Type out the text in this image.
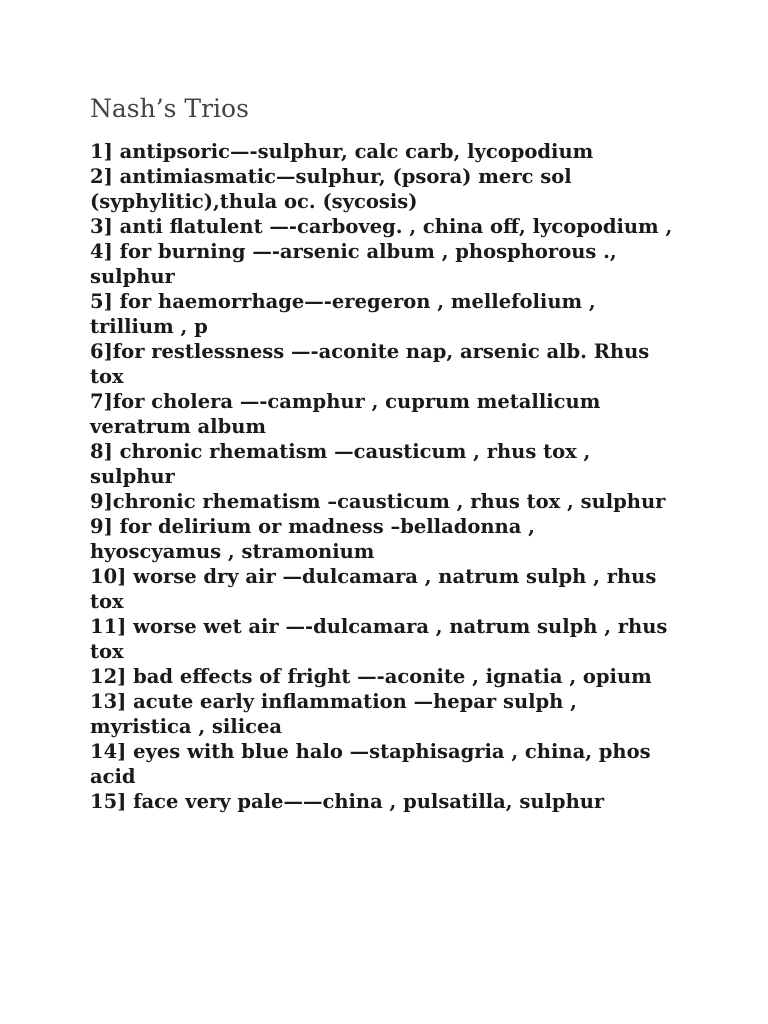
Nash’s Trios
1] antipsoric—-sulphur, calc carb, lycopodium
2] antimiasmatic—sulphur, (psora) merc sol
(syphylitic),thula oc. (sycosis)
3] anti flatulent —-carboveg. , china off, lycopodium ,
4] for burning —-arsenic album , phosphorous .,
sulphur
5] for haemorrhage—-eregeron , mellefolium ,
trillium , p
6]for restlessness —-aconite nap, arsenic alb. Rhus
tox
7]for cholera —-camphur , cuprum metallicum
veratrum album
8] chronic rhematism —causticum , rhus tox ,
sulphur
9]chronic rhematism –causticum , rhus tox , sulphur
9] for delirium or madness –belladonna ,
hyoscyamus , stramonium
10] worse dry air —dulcamara , natrum sulph , rhus
tox
11] worse wet air —-dulcamara , natrum sulph , rhus
tox
12] bad effects of fright —-aconite , ignatia , opium
13] acute early inflammation —hepar sulph ,
myristica , silicea
14] eyes with blue halo —staphisagria , china, phos
acid
15] face very pale——china , pulsatilla, sulphur
